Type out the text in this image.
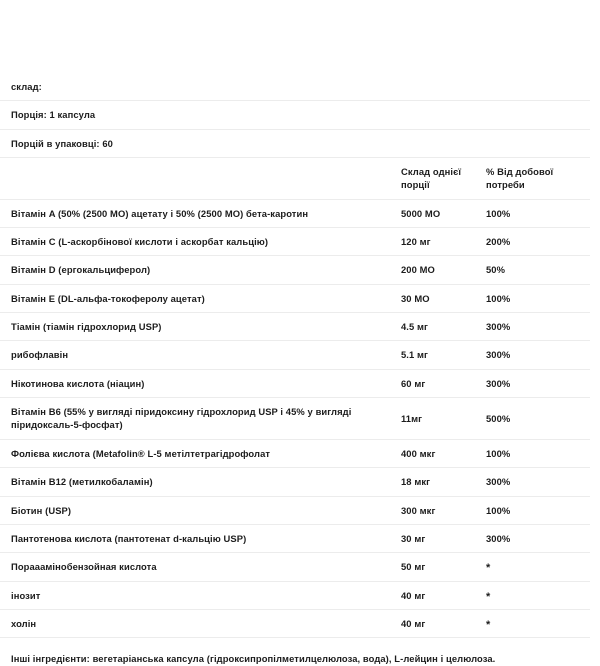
склад:		
Порція: 1 капсула		
Порцій в упаковці: 60		

	Склад однієї порції	% Від добової потреби

Вітамін A (50% (2500 МО) ацетату і 50% (2500 МО) бета-каротин	5000 МО	100%
Вітамін C (L-аскорбінової кислоти і аскорбат кальцію)	120 мг	200%
Вітамін D (ергокальциферол)	200 МО	50%
Вітамін E (DL-альфа-токоферолу ацетат)	30 МО	100%
Тіамін (тіамін гідрохлорид USP)	4.5 мг	300%
рибофлавін	5.1 мг	300%
Нікотинова кислота (ніацин)	60 мг	300%
Вітамін B6 (55% у вигляді піридоксину гідрохлорид USP і 45% у вигляді піридоксаль-5-фосфат)	11мг	500%
Фолієва кислота (Metafolin® L-5 метілтетрагідрофолат	400 мкг	100%
Вітамін B12 (метилкобаламін)	18 мкг	300%
Біотин (USP)	300 мкг	100%
Пантотенова кислота (пантотенат d-кальцію USP)	30 мг	300%
Порааамінобензойная кислота	50 мг	*
інозит	40 мг	*
холін	40 мг	*
Інші інгредієнти: вегетаріанська капсула (гідроксипропілметилцелюлоза, вода), L-лейцин і целюлоза.
